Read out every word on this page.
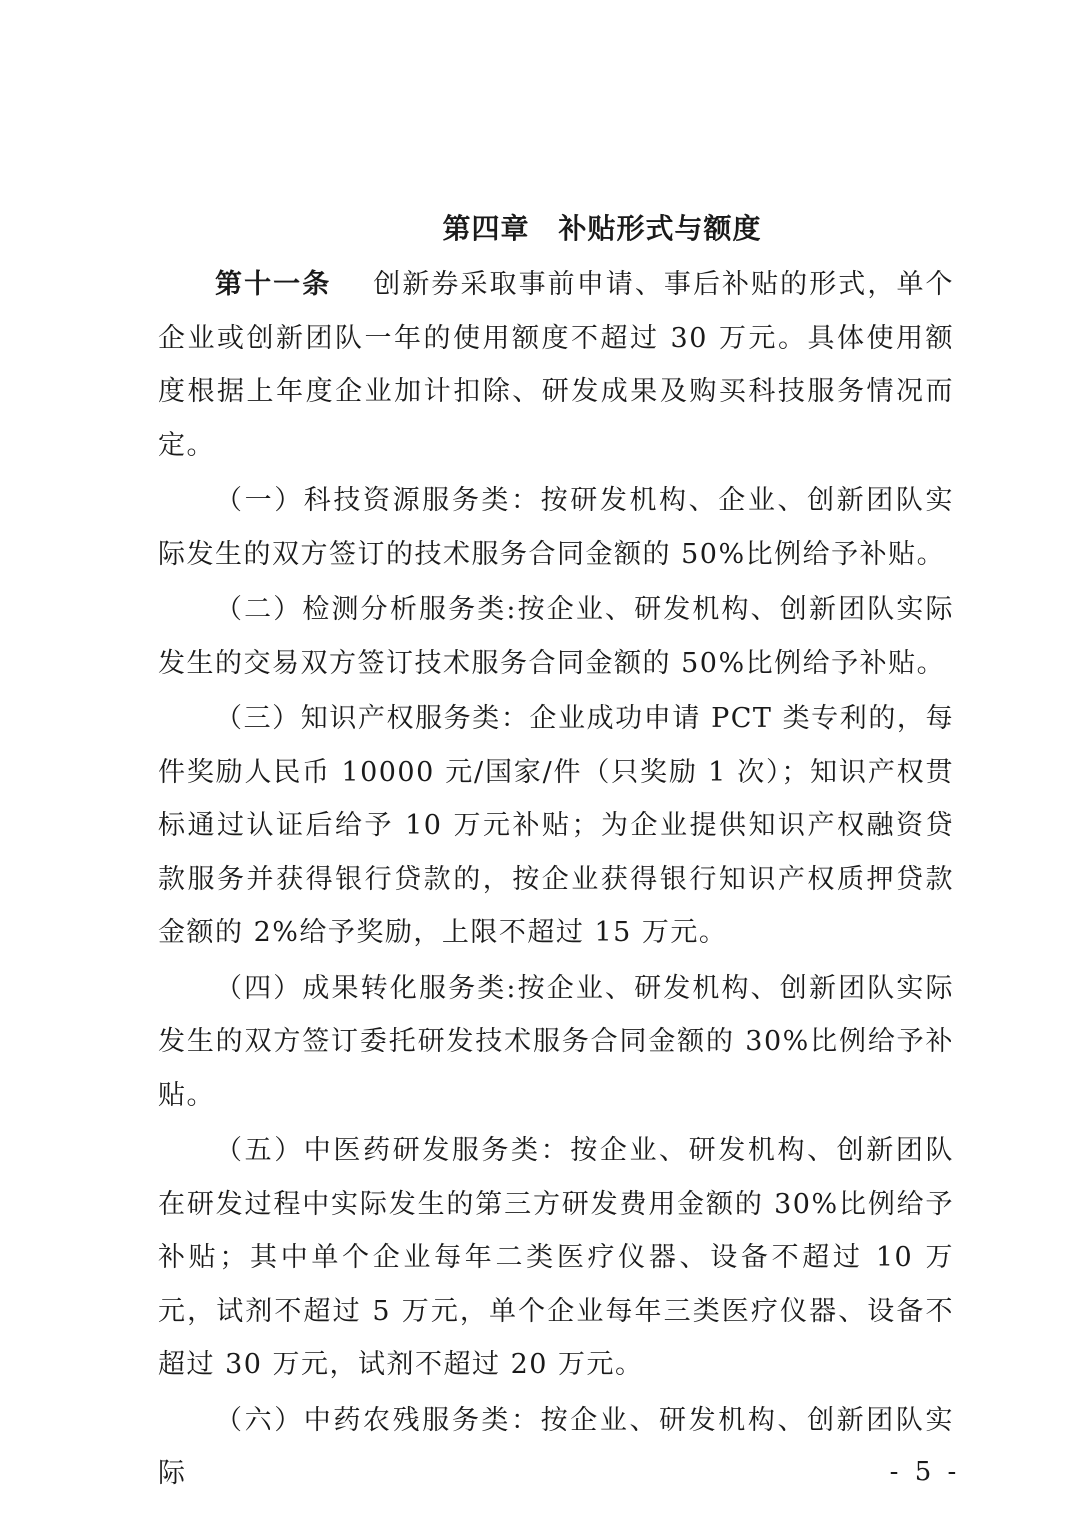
第四章　补贴形式与额度

第十一条 创新券采取事前申请、事后补贴的形式，单个企业或创新团队一年的使用额度不超过 30 万元。具体使用额度根据上年度企业加计扣除、研发成果及购买科技服务情况而定。

（一）科技资源服务类：按研发机构、企业、创新团队实际发生的双方签订的技术服务合同金额的 50%比例给予补贴。

（二）检测分析服务类:按企业、研发机构、创新团队实际发生的交易双方签订技术服务合同金额的 50%比例给予补贴。

（三）知识产权服务类：企业成功申请 PCT 类专利的，每件奖励人民币 10000 元/国家/件（只奖励 1 次）；知识产权贯标通过认证后给予 10 万元补贴；为企业提供知识产权融资贷款服务并获得银行贷款的，按企业获得银行知识产权质押贷款金额的 2%给予奖励，上限不超过 15 万元。

（四）成果转化服务类:按企业、研发机构、创新团队实际发生的双方签订委托研发技术服务合同金额的 30%比例给予补贴。

（五）中医药研发服务类：按企业、研发机构、创新团队在研发过程中实际发生的第三方研发费用金额的 30%比例给予补贴；其中单个企业每年二类医疗仪器、设备不超过 10 万元，试剂不超过 5 万元，单个企业每年三类医疗仪器、设备不超过 30 万元，试剂不超过 20 万元。

（六）中药农残服务类：按企业、研发机构、创新团队实际	- 5 -
